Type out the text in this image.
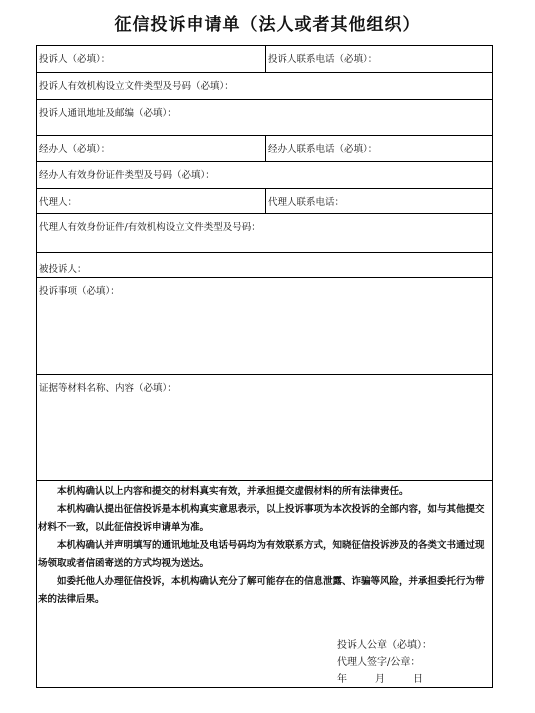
征信投诉申请单（法人或者其他组织）
投诉人（必填）：	投诉人联系电话（必填）：
投诉人有效机构设立文件类型及号码（必填）：
投诉人通讯地址及邮编（必填）：
经办人（必填）：	经办人联系电话（必填）：
经办人有效身份证件类型及号码（必填）：
代理人：	代理人联系电话：
代理人有效身份证件/有效机构设立文件类型及号码：
被投诉人：
投诉事项（必填）：
证据等材料名称、内容（必填）：

本机构确认以上内容和提交的材料真实有效，并承担提交虚假材料的所有法律责任。

本机构确认提出征信投诉是本机构真实意思表示，以上投诉事项为本次投诉的全部内容，如与其他提交材料不一致，以此征信投诉申请单为准。

本机构确认并声明填写的通讯地址及电话号码均为有效联系方式，知晓征信投诉涉及的各类文书通过现场领取或者信函寄送的方式均视为送达。

如委托他人办理征信投诉，本机构确认充分了解可能存在的信息泄露、诈骗等风险，并承担委托行为带来的法律后果。

投诉人公章（必填）：
代理人签字/公章：
年	月	日
